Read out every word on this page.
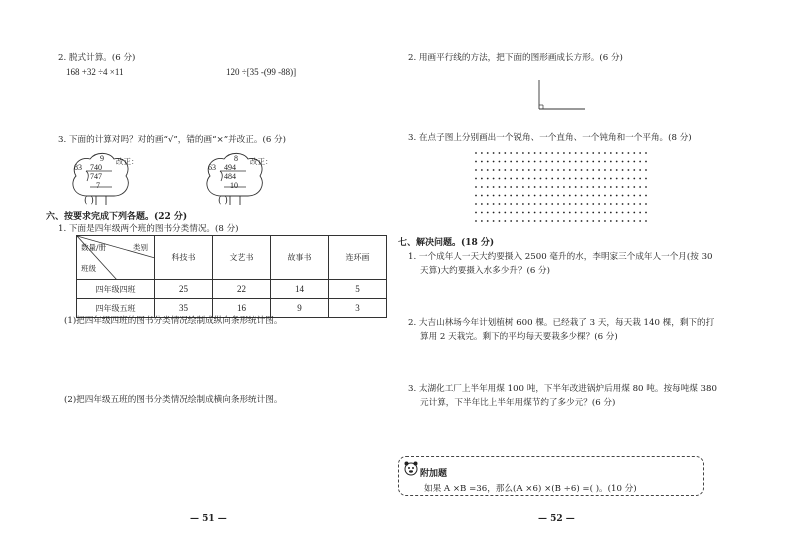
2. 脱式计算。(6 分)
168 +32 ÷4 ×11	120 ÷[35 -(99 -88)]
3. 下面的计算对吗？对的画“√”，错的画“×”并改正。(6 分)
9
83 740
747
7
改正：
( )
8
63 494
484
10
改正：
( )
六、按要求完成下列各题。(22 分)
1. 下面是四年级两个班的图书分类情况。(8 分)
数量/册 类别
班级	科技书	文艺书	故事书	连环画
四年级四班	25	22	14	5
四年级五班	35	16	9	3
(1)把四年级四班的图书分类情况绘制成纵向条形统计图。
(2)把四年级五班的图书分类情况绘制成横向条形统计图。
— 51 —
2. 用画平行线的方法，把下面的图形画成长方形。(6 分)
3. 在点子图上分别画出一个锐角、一个直角、一个钝角和一个平角。(8 分)
七、解决问题。(18 分)
1. 一个成年人一天大约要摄入 2500 毫升的水，李明家三个成年人一个月(按 30
天算)大约要摄入水多少升？(6 分)
2. 大吉山林场今年计划植树 600 棵。已经栽了 3 天，每天栽 140 棵，剩下的打
算用 2 天栽完。剩下的平均每天要栽多少棵？(6 分)
3. 太湖化工厂上半年用煤 100 吨，下半年改进锅炉后用煤 80 吨。按每吨煤 380
元计算，下半年比上半年用煤节约了多少元？(6 分)
附加题
如果 A ×B =36，那么(A ×6) ×(B ÷6) =( )。(10 分)
— 52 —
